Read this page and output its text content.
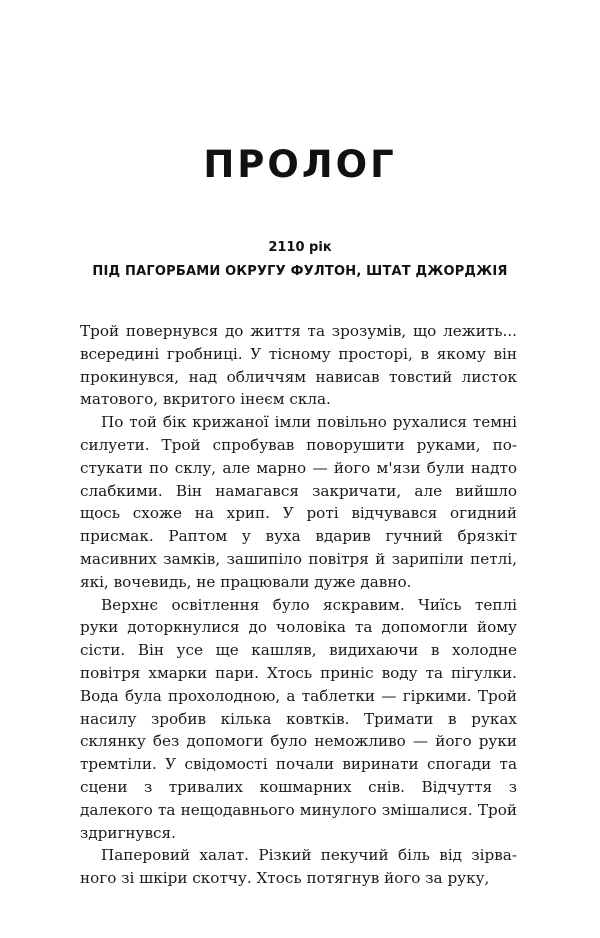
ПРОЛОГ
2110 рік
ПІД ПАГОРБАМИ ОКРУГУ ФУЛТОН, ШТАТ ДЖОРДЖІЯ

Трой повернувся до життя та зрозумів, що лежить... всередині гробниці. У тісному просторі, в якому він прокинувся, над обличчям нависав товстий листок матового, вкритого інеєм скла.

По той бік крижаної імли повільно рухалися темні силуети. Трой спробував поворушити руками, постукати по склу, але марно — його м'язи були надто слабкими. Він намагався закричати, але вийшло щось схоже на хрип. У роті відчувався огидний присмак. Раптом у вуха вдарив гучний брязкіт масивних замків, зашипіло повітря й зарипіли петлі, які, вочевидь, не працювали дуже давно.

Верхнє освітлення було яскравим. Чиїсь теплі руки доторкнулися до чоловіка та допомогли йому сісти. Він усе ще кашляв, видихаючи в холодне повітря хмарки пари. Хтось приніс воду та пігулки. Вода була прохолодною, а таблетки — гіркими. Трой насилу зробив кілька ковтків. Тримати в руках склянку без допомоги було неможливо — його руки тремтіли. У свідомості почали виринати спогади та сцени з тривалих кошмарних снів. Відчуття з далекого та нещодавнього минулого змішалися. Трой здригнувся.

Паперовий халат. Різкий пекучий біль від зірваного зі шкіри скотчу. Хтось потягнув його за руку,
